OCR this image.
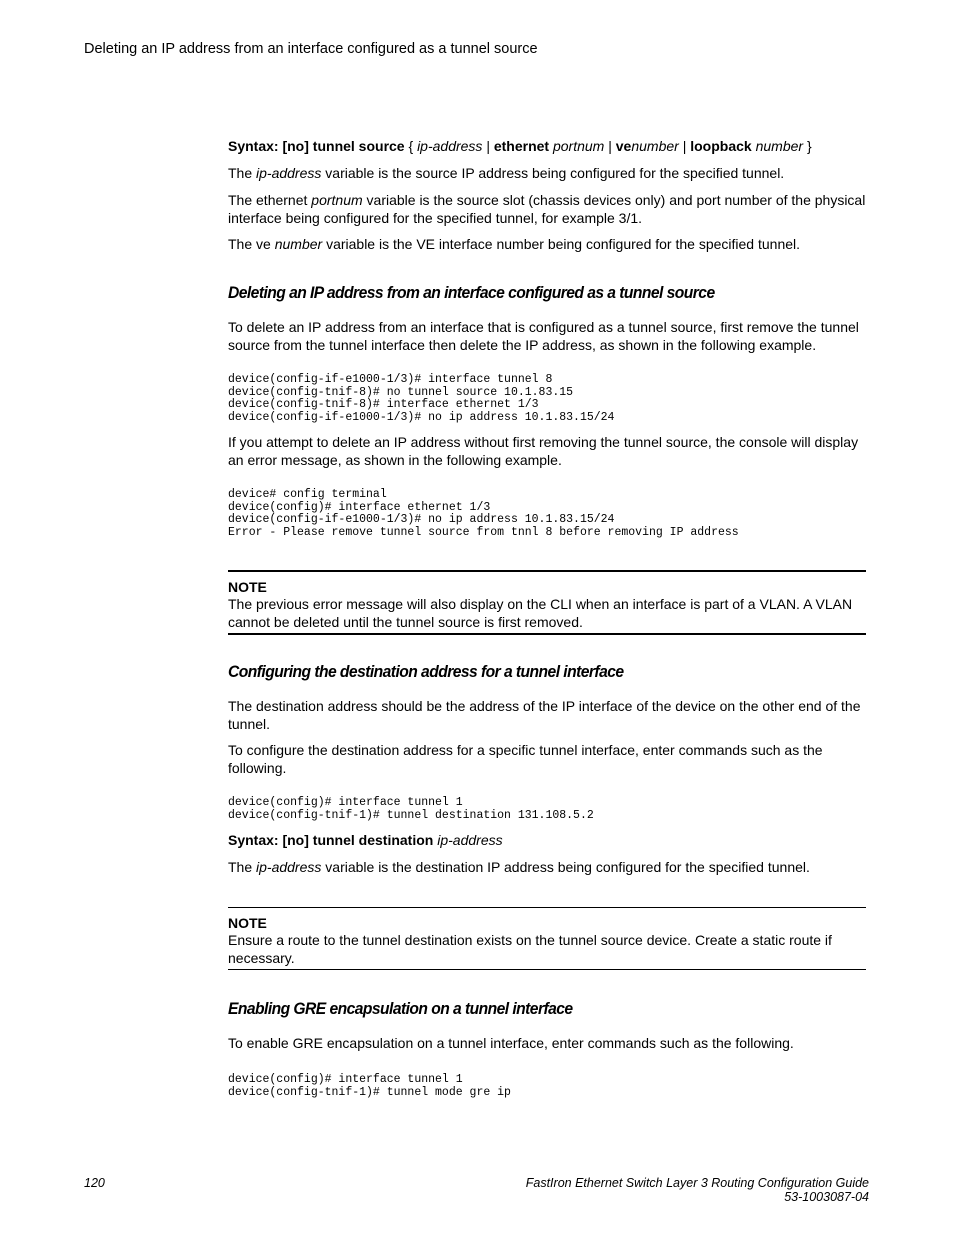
Deleting an IP address from an interface configured as a tunnel source
Syntax: [no] tunnel source { ip-address | ethernet portnum | venumber | loopback number }
The ip-address variable is the source IP address being configured for the specified tunnel.
The ethernet portnum variable is the source slot (chassis devices only) and port number of the physical interface being configured for the specified tunnel, for example 3/1.
The ve number variable is the VE interface number being configured for the specified tunnel.
Deleting an IP address from an interface configured as a tunnel source
To delete an IP address from an interface that is configured as a tunnel source, first remove the tunnel source from the tunnel interface then delete the IP address, as shown in the following example.
device(config-if-e1000-1/3)# interface tunnel 8
device(config-tnif-8)# no tunnel source 10.1.83.15
device(config-tnif-8)# interface ethernet 1/3
device(config-if-e1000-1/3)# no ip address 10.1.83.15/24
If you attempt to delete an IP address without first removing the tunnel source, the console will display an error message, as shown in the following example.
device# config terminal
device(config)# interface ethernet 1/3
device(config-if-e1000-1/3)# no ip address 10.1.83.15/24
Error - Please remove tunnel source from tnnl 8 before removing IP address
NOTE
The previous error message will also display on the CLI when an interface is part of a VLAN. A VLAN cannot be deleted until the tunnel source is first removed.
Configuring the destination address for a tunnel interface
The destination address should be the address of the IP interface of the device on the other end of the tunnel.
To configure the destination address for a specific tunnel interface, enter commands such as the following.
device(config)# interface tunnel 1
device(config-tnif-1)# tunnel destination 131.108.5.2
Syntax: [no] tunnel destination ip-address
The ip-address variable is the destination IP address being configured for the specified tunnel.
NOTE
Ensure a route to the tunnel destination exists on the tunnel source device. Create a static route if necessary.
Enabling GRE encapsulation on a tunnel interface
To enable GRE encapsulation on a tunnel interface, enter commands such as the following.
device(config)# interface tunnel 1
device(config-tnif-1)# tunnel mode gre ip
120	FastIron Ethernet Switch Layer 3 Routing Configuration Guide
53-1003087-04
